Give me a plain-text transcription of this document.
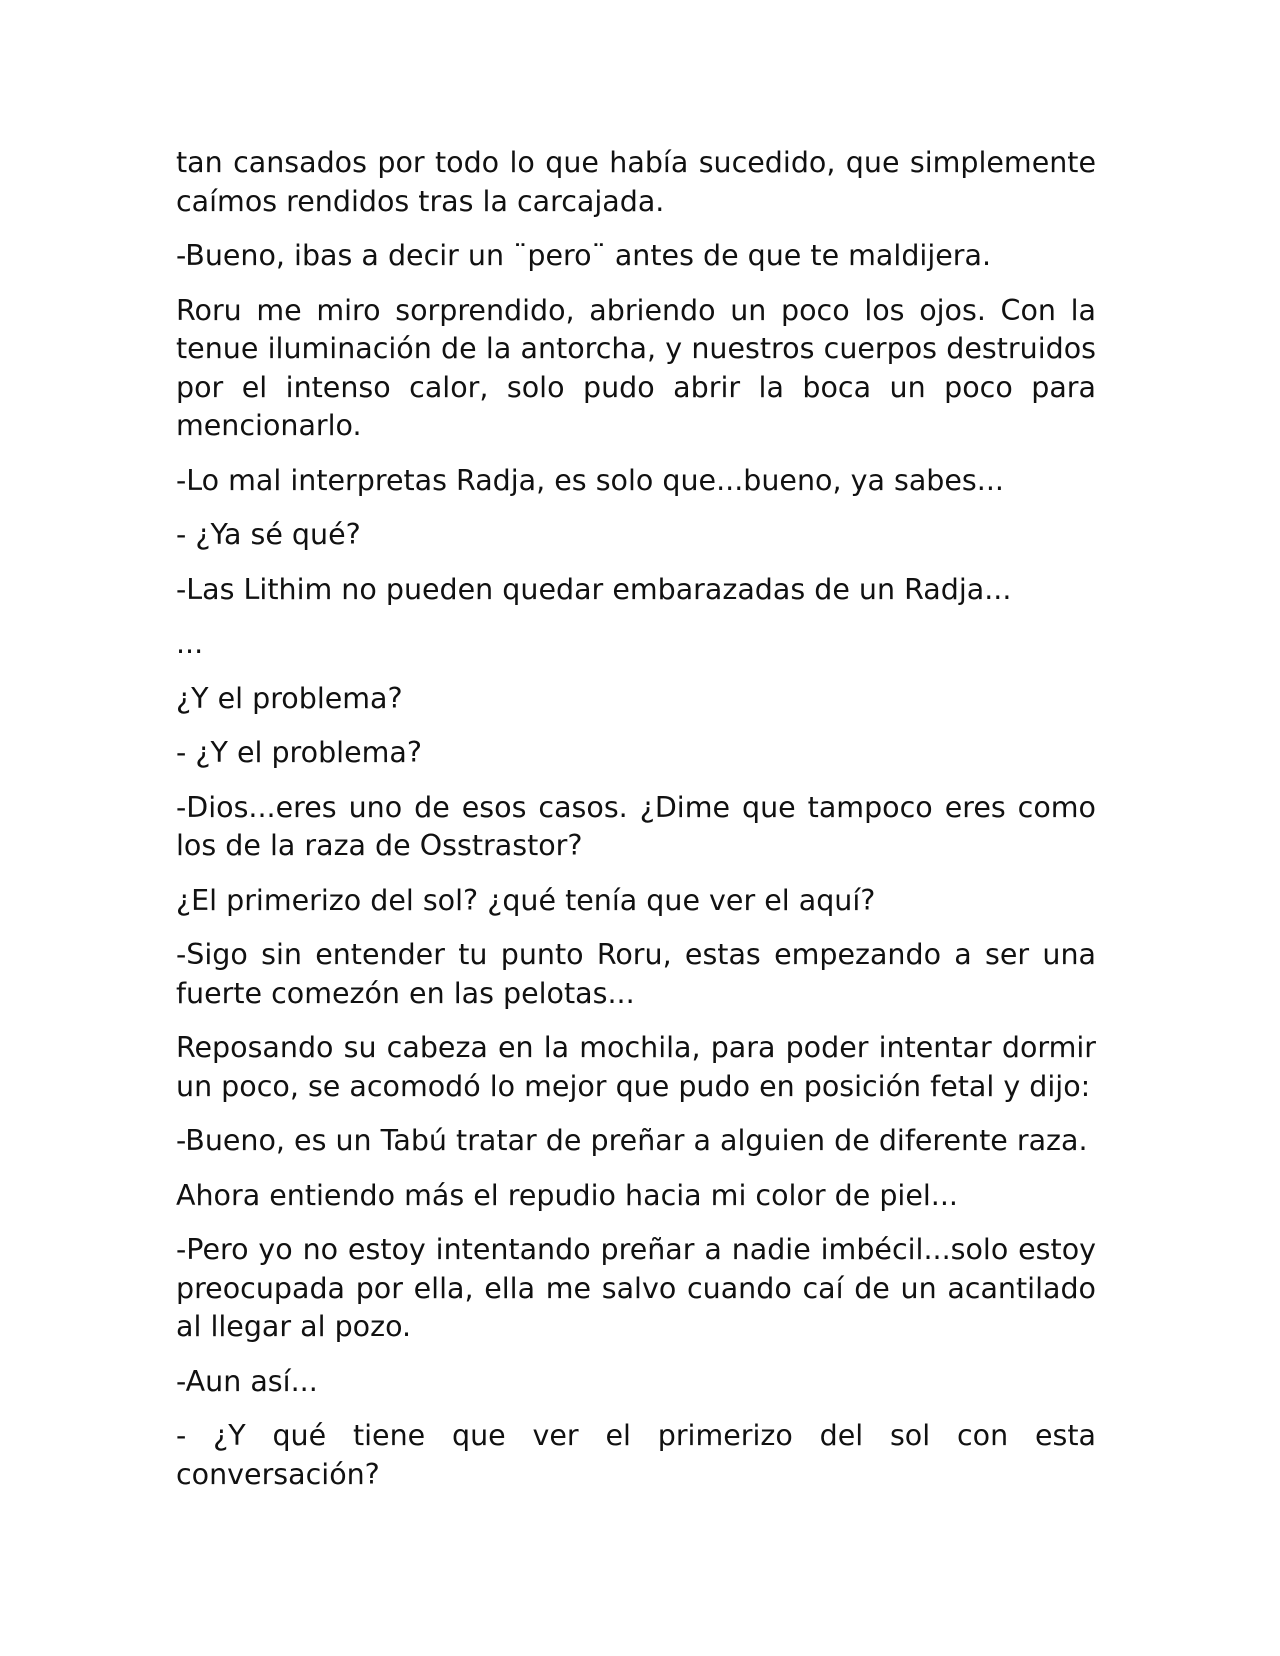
tan cansados por todo lo que había sucedido, que simplemente caímos rendidos tras la carcajada.

-Bueno, ibas a decir un ¨pero¨ antes de que te maldijera.

Roru me miro sorprendido, abriendo un poco los ojos. Con la tenue iluminación de la antorcha, y nuestros cuerpos destruidos por el intenso calor, solo pudo abrir la boca un poco para mencionarlo.

-Lo mal interpretas Radja, es solo que...bueno, ya sabes...

- ¿Ya sé qué?

-Las Lithim no pueden quedar embarazadas de un Radja...

...

¿Y el problema?

- ¿Y el problema?

-Dios...eres uno de esos casos. ¿Dime que tampoco eres como los de la raza de Osstrastor?

¿El primerizo del sol? ¿qué tenía que ver el aquí?

-Sigo sin entender tu punto Roru, estas empezando a ser una fuerte comezón en las pelotas...

Reposando su cabeza en la mochila, para poder intentar dormir un poco, se acomodó lo mejor que pudo en posición fetal y dijo:

-Bueno, es un Tabú tratar de preñar a alguien de diferente raza.

Ahora entiendo más el repudio hacia mi color de piel...

-Pero yo no estoy intentando preñar a nadie imbécil...solo estoy preocupada por ella, ella me salvo cuando caí de un acantilado al llegar al pozo.

-Aun así...

- ¿Y qué tiene que ver el primerizo del sol con esta conversación?
